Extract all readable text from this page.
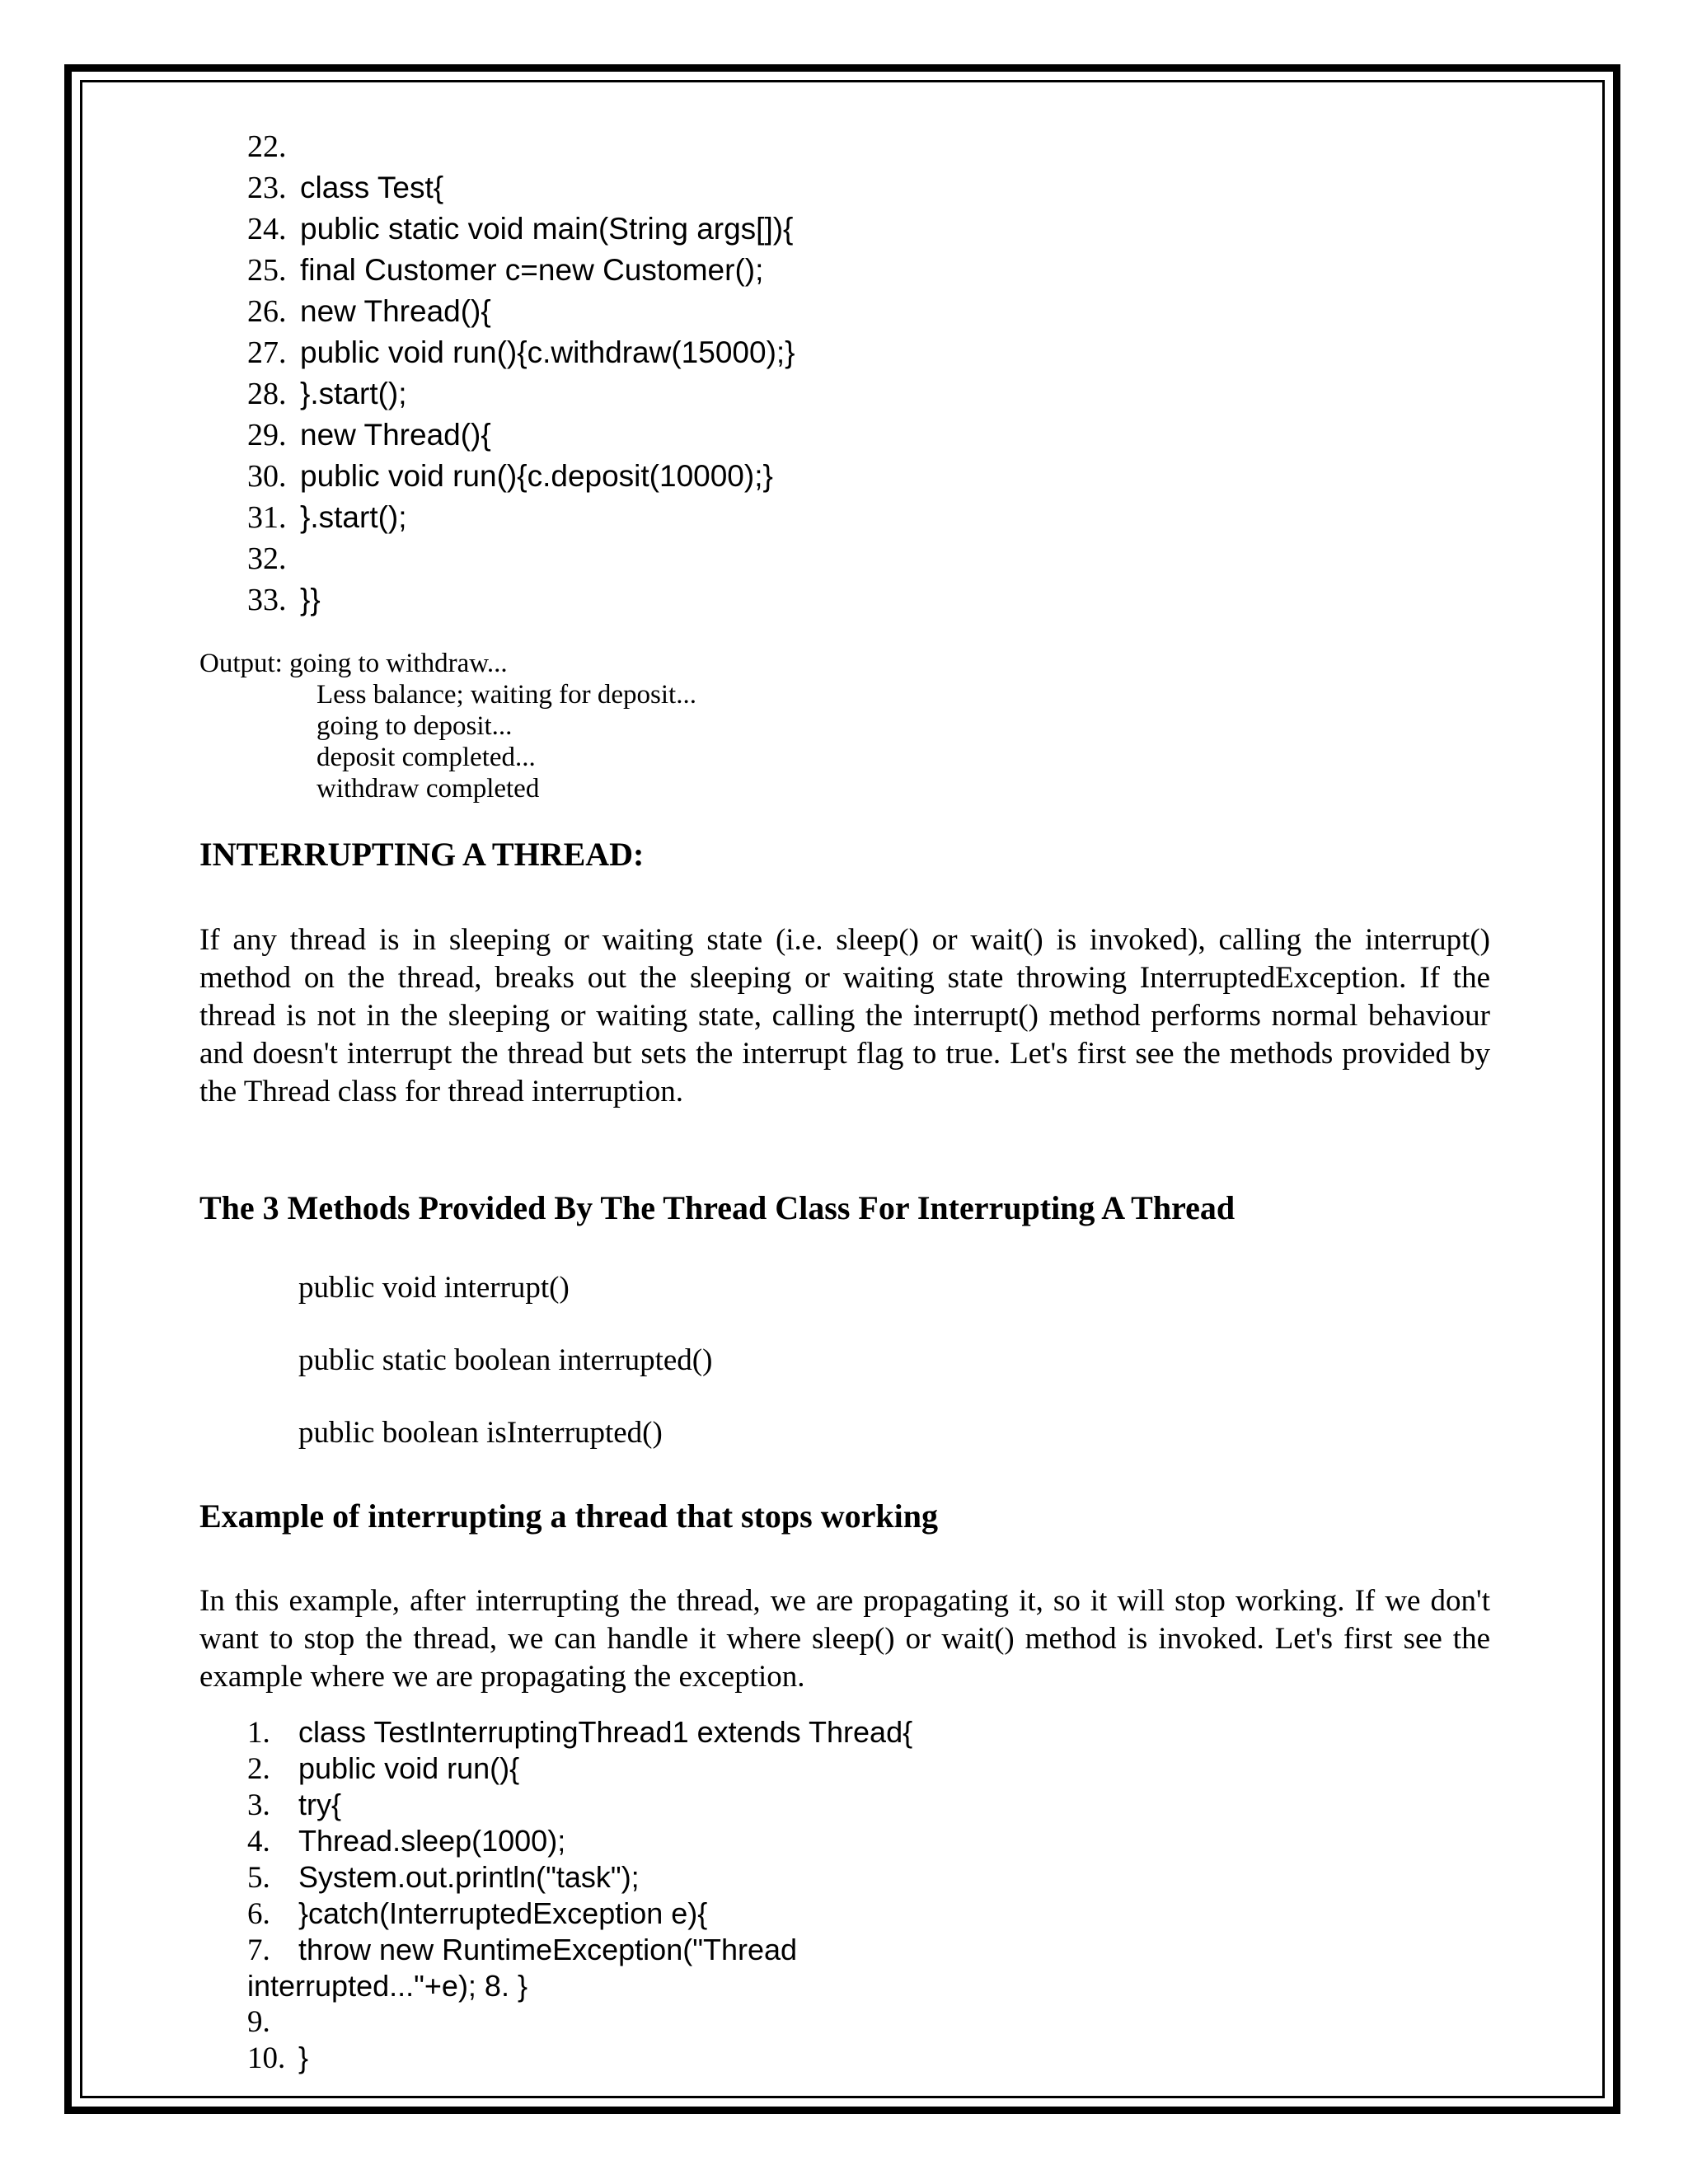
22.
23. class Test{
24. public static void main(String args[]){
25. final Customer c=new Customer();
26. new Thread(){
27. public void run(){c.withdraw(15000);}
28. }.start();
29. new Thread(){
30. public void run(){c.deposit(10000);}
31. }.start();
32.
33. }}
Output: going to withdraw...
Less balance; waiting for deposit...
going to deposit...
deposit completed...
withdraw completed
INTERRUPTING A THREAD:
If any thread is in sleeping or waiting state (i.e. sleep() or wait() is invoked), calling the interrupt() method on the thread, breaks out the sleeping or waiting state throwing InterruptedException. If the thread is not in the sleeping or waiting state, calling the interrupt() method performs normal behaviour and doesn't interrupt the thread but sets the interrupt flag to true. Let's first see the methods provided by the Thread class for thread interruption.
The 3 Methods Provided By The Thread Class For Interrupting A Thread
public void interrupt()
public static boolean interrupted()
public boolean isInterrupted()
Example of interrupting a thread that stops working
In this example, after interrupting the thread, we are propagating it, so it will stop working. If we don't want to stop the thread, we can handle it where sleep() or wait() method is invoked. Let's first see the example where we are propagating the exception.
1. class TestInterruptingThread1 extends Thread{
2. public void run(){
3. try{
4. Thread.sleep(1000);
5. System.out.println("task");
6. }catch(InterruptedException e){
7. throw new RuntimeException("Thread
interrupted..."+e); 8. }
9.
10. }
